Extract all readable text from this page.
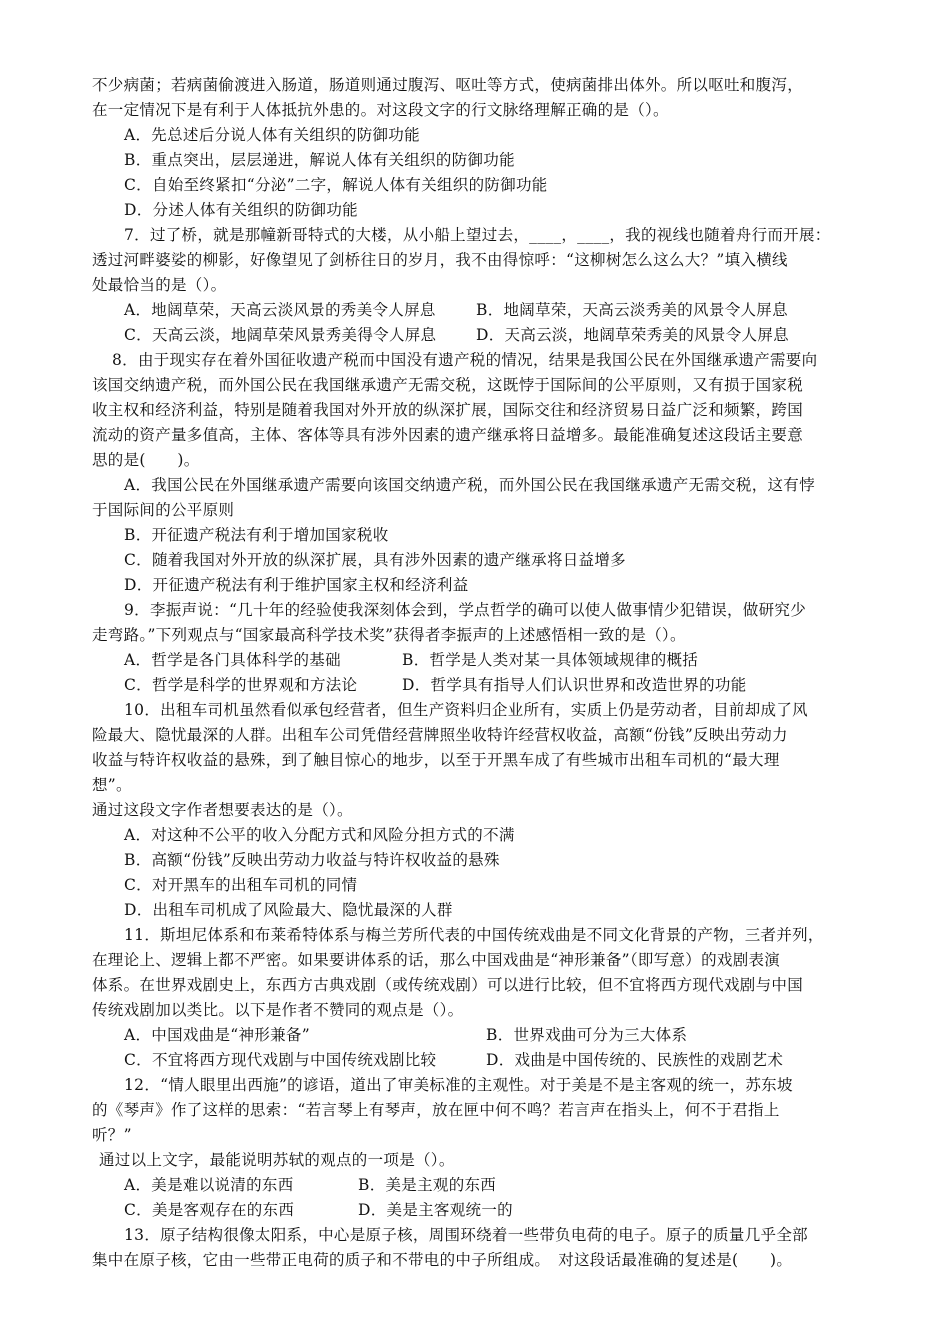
不少病菌；若病菌偷渡进入肠道，肠道则通过腹泻、呕吐等方式，使病菌排出体外。所以呕吐和腹泻，
在一定情况下是有利于人体抵抗外患的。对这段文字的行文脉络理解正确的是（）。
A．先总述后分说人体有关组织的防御功能
B．重点突出，层层递进，解说人体有关组织的防御功能
C．自始至终紧扣“分泌”二字，解说人体有关组织的防御功能
D．分述人体有关组织的防御功能
7．过了桥，就是那幢新哥特式的大楼，从小船上望过去，____，____，我的视线也随着舟行而开展：
透过河畔婆娑的柳影，好像望见了剑桥往日的岁月，我不由得惊呼：“这柳树怎么这么大？”填入横线
处最恰当的是（）。
A．地阔草荣，天高云淡风景的秀美令人屏息	B．地阔草荣，天高云淡秀美的风景令人屏息
C．天高云淡，地阔草荣风景秀美得令人屏息	D．天高云淡，地阔草荣秀美的风景令人屏息
8．由于现实存在着外国征收遗产税而中国没有遗产税的情况，结果是我国公民在外国继承遗产需要向
该国交纳遗产税，而外国公民在我国继承遗产无需交税，这既悖于国际间的公平原则，又有损于国家税
收主权和经济利益，特别是随着我国对外开放的纵深扩展，国际交往和经济贸易日益广泛和频繁，跨国
流动的资产量多值高，主体、客体等具有涉外因素的遗产继承将日益增多。最能准确复述这段话主要意
思的是(　　)。
A．我国公民在外国继承遗产需要向该国交纳遗产税，而外国公民在我国继承遗产无需交税，这有悖
于国际间的公平原则
B．开征遗产税法有利于增加国家税收
C．随着我国对外开放的纵深扩展，具有涉外因素的遗产继承将日益增多
D．开征遗产税法有利于维护国家主权和经济利益
9．李振声说：“几十年的经验使我深刻体会到，学点哲学的确可以使人做事情少犯错误，做研究少
走弯路。”下列观点与“国家最高科学技术奖”获得者李振声的上述感悟相一致的是（）。
A．哲学是各门具体科学的基础	B．哲学是人类对某一具体领域规律的概括
C．哲学是科学的世界观和方法论	D．哲学具有指导人们认识世界和改造世界的功能
10．出租车司机虽然看似承包经营者，但生产资料归企业所有，实质上仍是劳动者，目前却成了风
险最大、隐忧最深的人群。出租车公司凭借经营牌照坐收特许经营权收益，高额“份钱”反映出劳动力
收益与特许权收益的悬殊，到了触目惊心的地步，以至于开黑车成了有些城市出租车司机的“最大理
想”。
通过这段文字作者想要表达的是（）。
A．对这种不公平的收入分配方式和风险分担方式的不满
B．高额“份钱”反映出劳动力收益与特许权收益的悬殊
C．对开黑车的出租车司机的同情
D．出租车司机成了风险最大、隐忧最深的人群
11．斯坦尼体系和布莱希特体系与梅兰芳所代表的中国传统戏曲是不同文化背景的产物，三者并列，
在理论上、逻辑上都不严密。如果要讲体系的话，那么中国戏曲是“神形兼备”（即写意）的戏剧表演
体系。在世界戏剧史上，东西方古典戏剧（或传统戏剧）可以进行比较，但不宜将西方现代戏剧与中国
传统戏剧加以类比。以下是作者不赞同的观点是（）。
A．中国戏曲是“神形兼备”	B．世界戏曲可分为三大体系
C．不宜将西方现代戏剧与中国传统戏剧比较	D．戏曲是中国传统的、民族性的戏剧艺术
12．“情人眼里出西施”的谚语，道出了审美标准的主观性。对于美是不是主客观的统一，苏东坡
的《琴声》作了这样的思索：“若言琴上有琴声，放在匣中何不鸣？若言声在指头上，何不于君指上
听？”
通过以上文字，最能说明苏轼的观点的一项是（）。
A．美是难以说清的东西	B．美是主观的东西
C．美是客观存在的东西	D．美是主客观统一的
13．原子结构很像太阳系，中心是原子核，周围环绕着一些带负电荷的电子。原子的质量几乎全部
集中在原子核，它由一些带正电荷的质子和不带电的中子所组成。　对这段话最准确的复述是(　　)。
